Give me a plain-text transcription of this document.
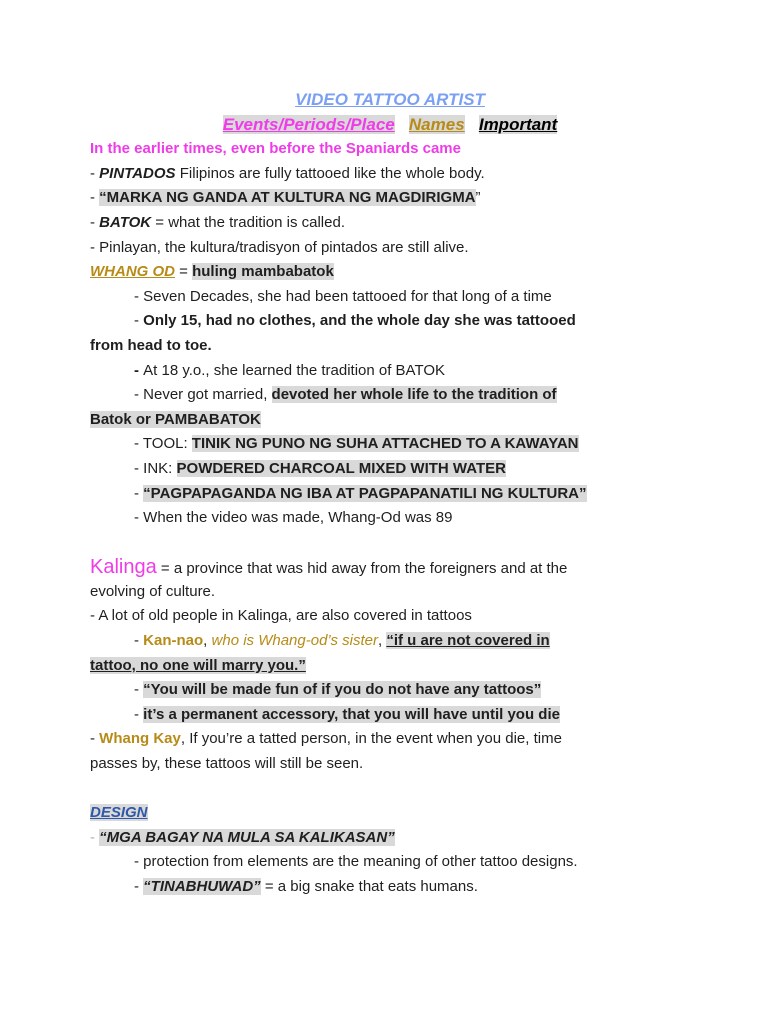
VIDEO TATTOO ARTIST
Events/Periods/Place Names Important
In the earlier times, even before the Spaniards came
- PINTADOS Filipinos are fully tattooed like the whole body.
- “MARKA NG GANDA AT KULTURA NG MAGDIRIGMA”
- BATOK = what the tradition is called.
- Pinlayan, the kultura/tradisyon of pintados are still alive.
WHANG OD = huling mambabatok
- Seven Decades, she had been tattooed for that long of a time
- Only 15, had no clothes, and the whole day she was tattooed
from head to toe.
- At 18 y.o., she learned the tradition of BATOK
- Never got married, devoted her whole life to the tradition of
Batok or PAMBABATOK
- TOOL: TINIK NG PUNO NG SUHA ATTACHED TO A KAWAYAN
- INK: POWDERED CHARCOAL MIXED WITH WATER
- “PAGPAPAGANDA NG IBA AT PAGPAPANATILI NG KULTURA”
- When the video was made, Whang-Od was 89
Kalinga = a province that was hid away from the foreigners and at the
evolving of culture.
- A lot of old people in Kalinga, are also covered in tattoos
- Kan-nao, who is Whang-od’s sister, “if u are not covered in
tattoo, no one will marry you.”
- “You will be made fun of if you do not have any tattoos”
- it’s a permanent accessory, that you will have until you die
- Whang Kay, If you’re a tatted person, in the event when you die, time
passes by, these tattoos will still be seen.
DESIGN
- “MGA BAGAY NA MULA SA KALIKASAN”
- protection from elements are the meaning of other tattoo designs.
- “TINABHUWAD” = a big snake that eats humans.
